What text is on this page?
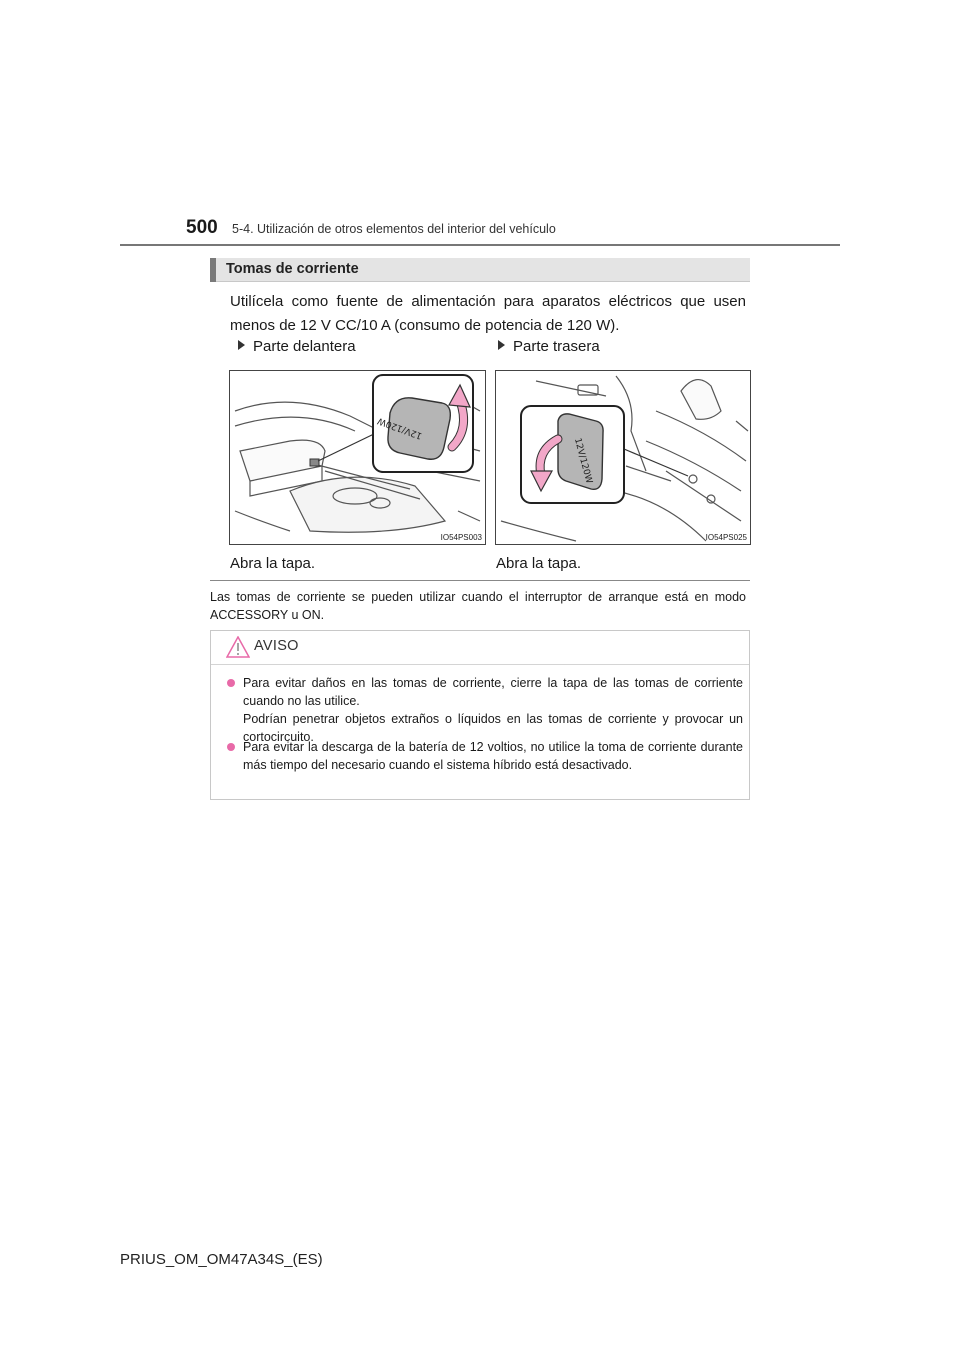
500 5-4. Utilización de otros elementos del interior del vehículo
Tomas de corriente
Utilícela como fuente de alimentación para aparatos eléctricos que usen menos de 12 V CC/10 A (consumo de potencia de 120 W).
Parte delantera	Parte trasera
12V/120W
IO54PS003
12V/120W
IO54PS025
Abra la tapa.	Abra la tapa.
Las tomas de corriente se pueden utilizar cuando el interruptor de arranque está en modo ACCESSORY u ON.
AVISO
Para evitar daños en las tomas de corriente, cierre la tapa de las tomas de corriente cuando no las utilice.
Podrían penetrar objetos extraños o líquidos en las tomas de corriente y provocar un cortocircuito.
Para evitar la descarga de la batería de 12 voltios, no utilice la toma de corriente durante más tiempo del necesario cuando el sistema híbrido está desactivado.
PRIUS_OM_OM47A34S_(ES)
